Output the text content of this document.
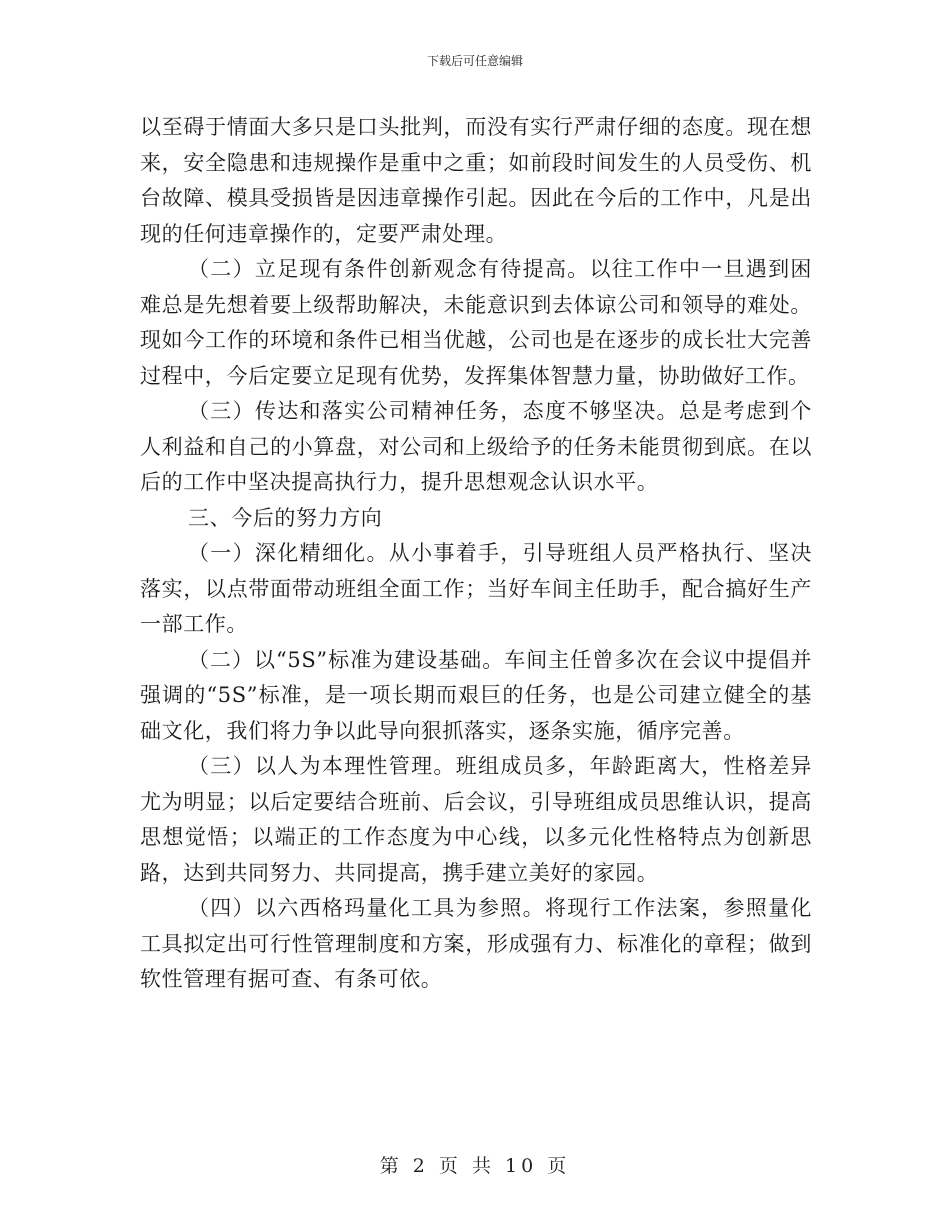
下载后可任意编辑

以至碍于情面大多只是口头批判，而没有实行严肃仔细的态度。现在想来，安全隐患和违规操作是重中之重；如前段时间发生的人员受伤、机台故障、模具受损皆是因违章操作引起。因此在今后的工作中，凡是出现的任何违章操作的，定要严肃处理。

（二）立足现有条件创新观念有待提高。以往工作中一旦遇到困难总是先想着要上级帮助解决，未能意识到去体谅公司和领导的难处。现如今工作的环境和条件已相当优越，公司也是在逐步的成长壮大完善过程中，今后定要立足现有优势，发挥集体智慧力量，协助做好工作。

（三）传达和落实公司精神任务，态度不够坚决。总是考虑到个人利益和自己的小算盘，对公司和上级给予的任务未能贯彻到底。在以后的工作中坚决提高执行力，提升思想观念认识水平。

三、今后的努力方向

（一）深化精细化。从小事着手，引导班组人员严格执行、坚决落实，以点带面带动班组全面工作；当好车间主任助手，配合搞好生产一部工作。

（二）以“5S”标准为建设基础。车间主任曾多次在会议中提倡并强调的“5S”标准，是一项长期而艰巨的任务，也是公司建立健全的基础文化，我们将力争以此导向狠抓落实，逐条实施，循序完善。

（三）以人为本理性管理。班组成员多，年龄距离大，性格差异尤为明显；以后定要结合班前、后会议，引导班组成员思维认识，提高思想觉悟；以端正的工作态度为中心线，以多元化性格特点为创新思路，达到共同努力、共同提高，携手建立美好的家园。

（四）以六西格玛量化工具为参照。将现行工作法案，参照量化工具拟定出可行性管理制度和方案，形成强有力、标准化的章程；做到软性管理有据可查、有条可依。

第 2 页 共 10 页
